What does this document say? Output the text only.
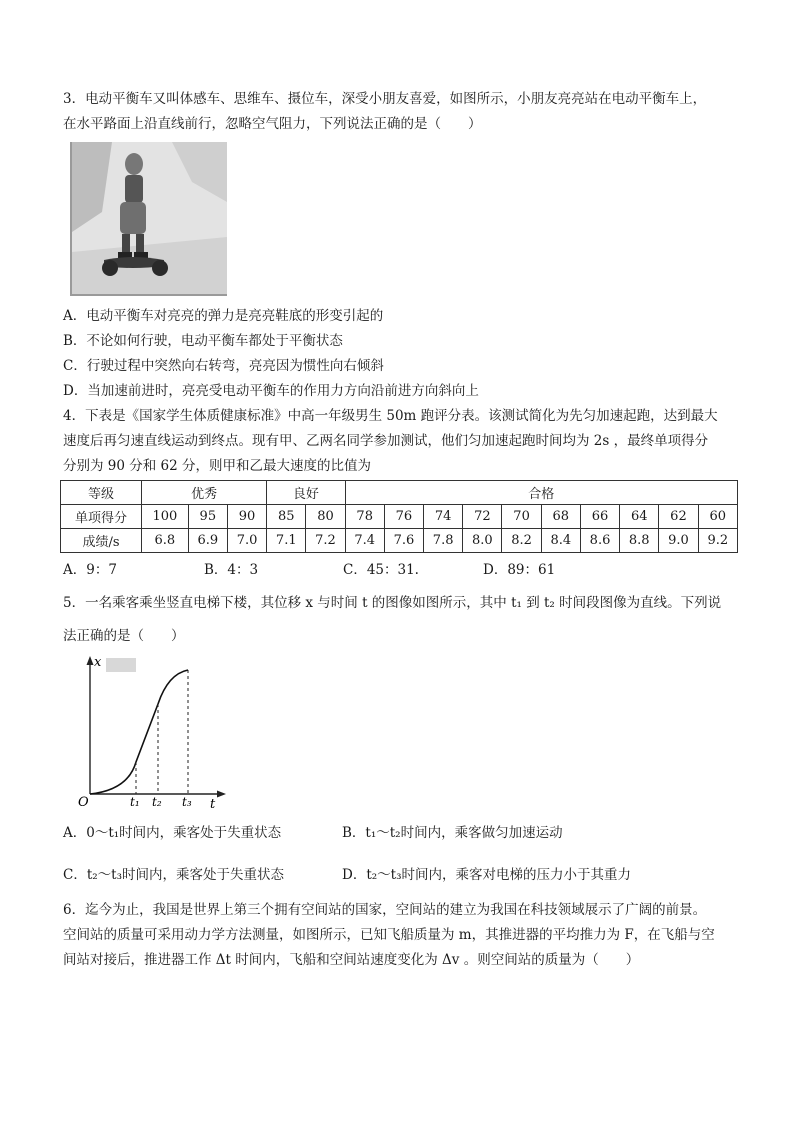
3．电动平衡车又叫体感车、思维车、摄位车，深受小朋友喜爱，如图所示，小朋友亮亮站在电动平衡车上，
在水平路面上沿直线前行，忽略空气阻力，下列说法正确的是（　　）
A．电动平衡车对亮亮的弹力是亮亮鞋底的形变引起的
B．不论如何行驶，电动平衡车都处于平衡状态
C．行驶过程中突然向右转弯，亮亮因为惯性向右倾斜
D．当加速前进时，亮亮受电动平衡车的作用力方向沿前进方向斜向上
4．下表是《国家学生体质健康标准》中高一年级男生 50m 跑评分表。该测试简化为先匀加速起跑，达到最大
速度后再匀速直线运动到终点。现有甲、乙两名同学参加测试，他们匀加速起跑时间均为 2s ，最终单项得分
分别为 90 分和 62 分，则甲和乙最大速度的比值为
等级	优秀			良好		合格									
单项得分	100	95	90	85	80	78	76	74	72	70	68	66	64	62	60
成绩/s	6.8	6.9	7.0	7.1	7.2	7.4	7.6	7.8	8.0	8.2	8.4	8.6	8.8	9.0	9.2
A．9：7	B．4：3	C．45：31.	D．89：61
5．一名乘客乘坐竖直电梯下楼，其位移 x 与时间 t 的图像如图所示，其中 t₁ 到 t₂ 时间段图像为直线。下列说
法正确的是（　　）
x
t
O	t₁ t₂ t₃
A．0～t₁时间内，乘客处于失重状态	B．t₁～t₂时间内，乘客做匀加速运动
C．t₂～t₃时间内，乘客处于失重状态	D．t₂～t₃时间内，乘客对电梯的压力小于其重力
6．迄今为止，我国是世界上第三个拥有空间站的国家，空间站的建立为我国在科技领域展示了广阔的前景。
空间站的质量可采用动力学方法测量，如图所示，已知飞船质量为 m，其推进器的平均推力为 F，在飞船与空
间站对接后，推进器工作 Δt 时间内，飞船和空间站速度变化为 Δv 。则空间站的质量为（　　）
